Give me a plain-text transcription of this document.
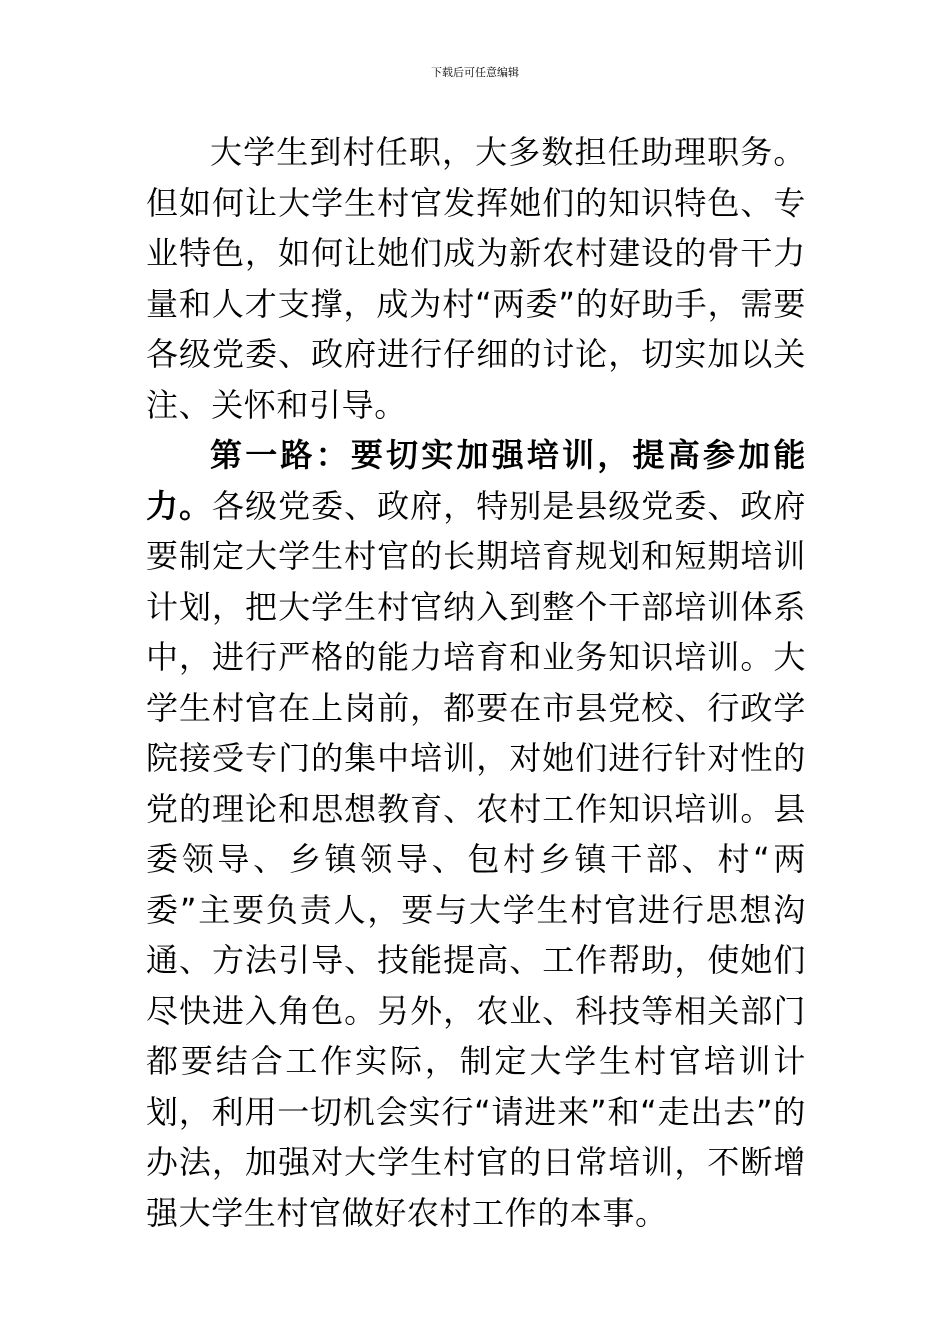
下载后可任意编辑

大学生到村任职，大多数担任助理职务。但如何让大学生村官发挥她们的知识特色、专业特色，如何让她们成为新农村建设的骨干力量和人才支撑，成为村“两委”的好助手，需要各级党委、政府进行仔细的讨论，切实加以关注、关怀和引导。

第一路：要切实加强培训，提高参加能力。各级党委、政府，特别是县级党委、政府要制定大学生村官的长期培育规划和短期培训计划，把大学生村官纳入到整个干部培训体系中，进行严格的能力培育和业务知识培训。大学生村官在上岗前，都要在市县党校、行政学院接受专门的集中培训，对她们进行针对性的党的理论和思想教育、农村工作知识培训。县委领导、乡镇领导、包村乡镇干部、村“两委”主要负责人，要与大学生村官进行思想沟通、方法引导、技能提高、工作帮助，使她们尽快进入角色。另外，农业、科技等相关部门都要结合工作实际，制定大学生村官培训计划，利用一切机会实行“请进来”和“走出去”的办法，加强对大学生村官的日常培训，不断增强大学生村官做好农村工作的本事。
